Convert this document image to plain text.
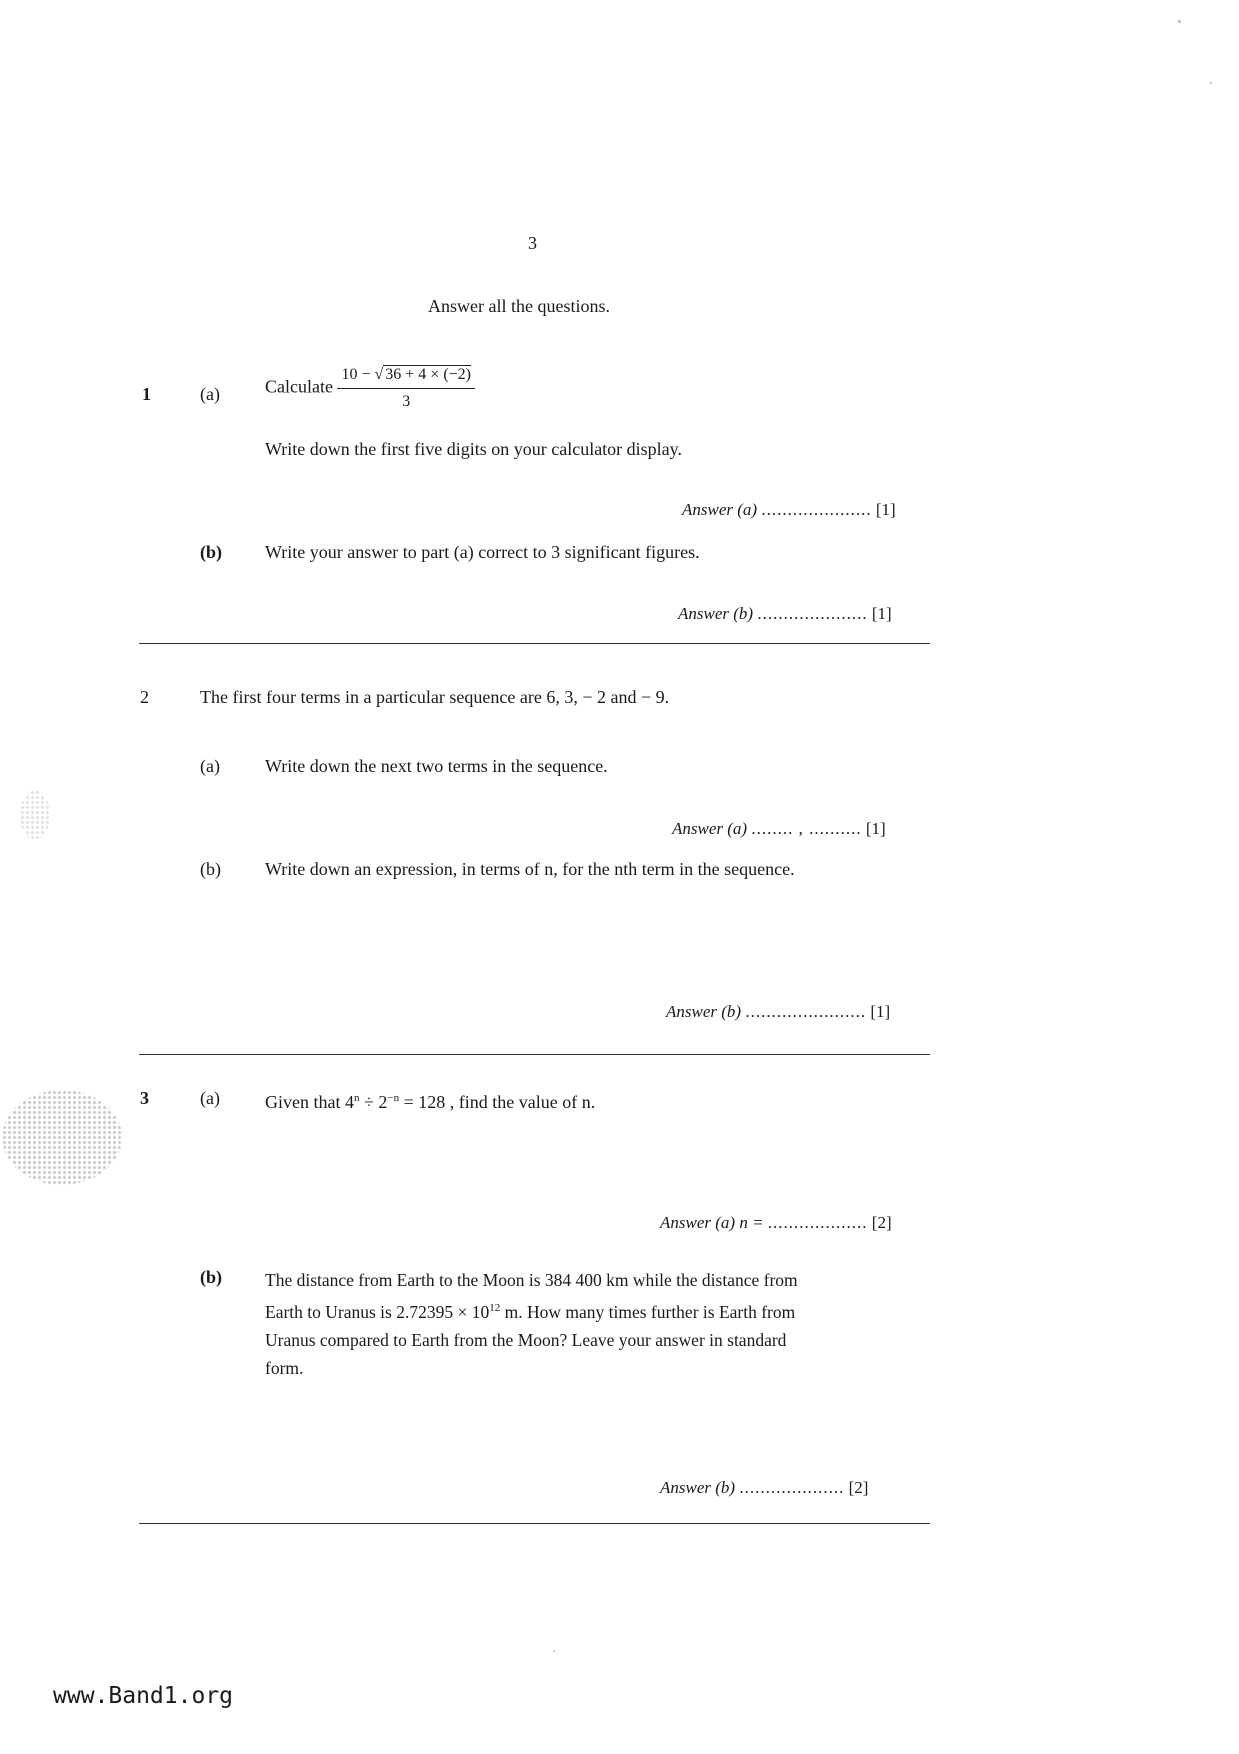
3
Answer all the questions.
1	(a)	Calculate $\frac{10 - √ 36 + 4 \times (-2)}{3}$
Write down the first five digits on your calculator display.
Answer (a) ..................... [1]
(b) Write your answer to part (a) correct to 3 significant figures.
Answer (b) ..................... [1]
2	The first four terms in a particular sequence are 6, 3, − 2 and − 9.
(a)	Write down the next two terms in the sequence.
Answer (a) ........ , .......... [1]
(b) Write down an expression, in terms of n, for the nth term in the sequence.
Answer (b) ....................... [1]
3	(a)	Given that $4^n \div 2^{-n} = 128$ , find the value of n.
Answer (a) n = ................... [2]
(b) The distance from Earth to the Moon is 384 400 km while the distance from
Earth to Uranus is $2.72395 \times 10^{12}$ m. How many times further is Earth from
Uranus compared to Earth from the Moon? Leave your answer in standard
form.
Answer (b) .................... [2]
www.Band1.org
